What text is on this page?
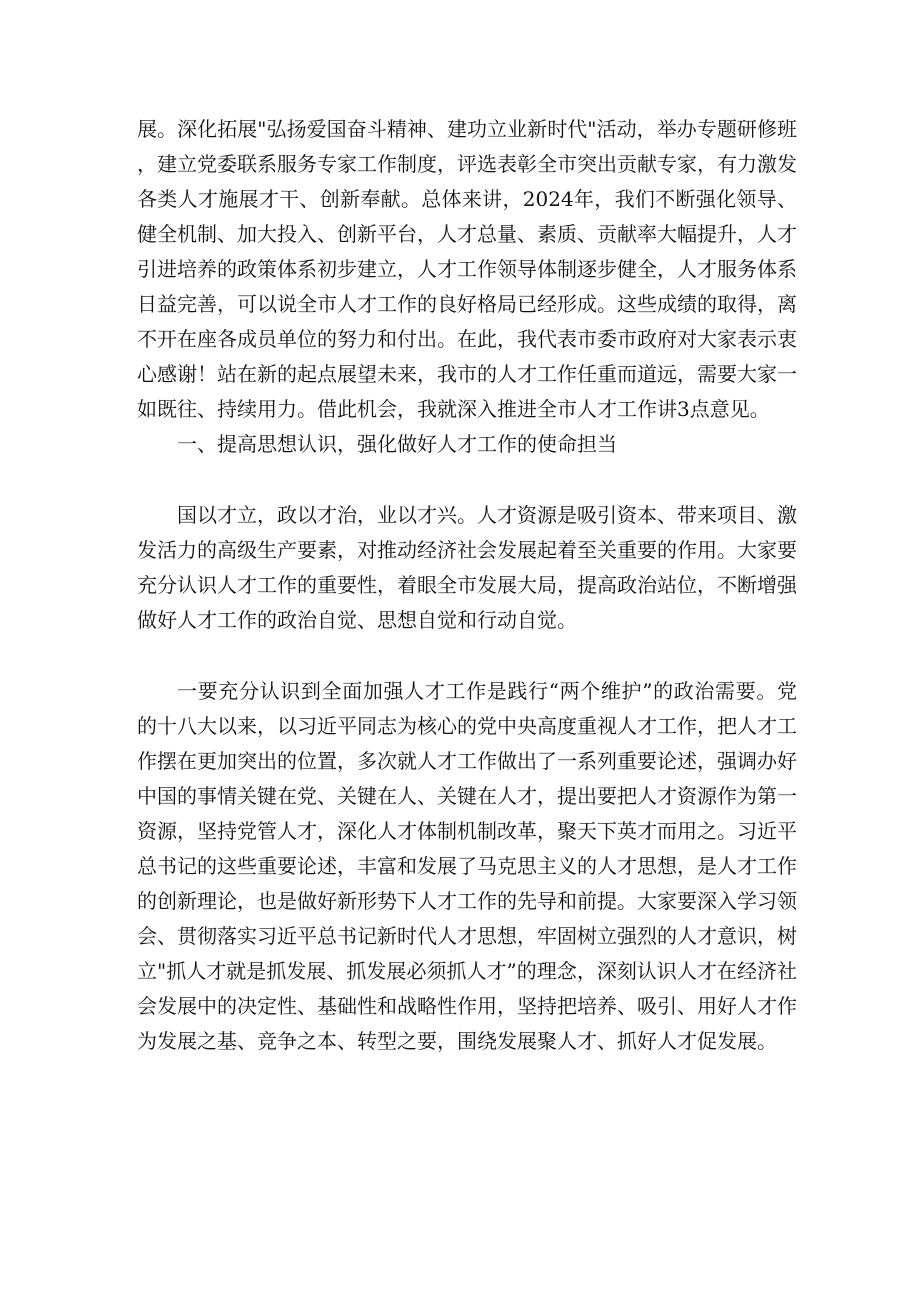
展。深化拓展"弘扬爱国奋斗精神、建功立业新时代"活动，举办专题研修班，建立党委联系服务专家工作制度，评选表彰全市突出贡献专家，有力激发各类人才施展才干、创新奉献。总体来讲，2024年，我们不断强化领导、健全机制、加大投入、创新平台，人才总量、素质、贡献率大幅提升，人才引进培养的政策体系初步建立，人才工作领导体制逐步健全，人才服务体系日益完善，可以说全市人才工作的良好格局已经形成。这些成绩的取得，离不开在座各成员单位的努力和付出。在此，我代表市委市政府对大家表示衷心感谢！站在新的起点展望未来，我市的人才工作任重而道远，需要大家一如既往、持续用力。借此机会，我就深入推进全市人才工作讲3点意见。

一、提高思想认识，强化做好人才工作的使命担当

国以才立，政以才治，业以才兴。人才资源是吸引资本、带来项目、激发活力的高级生产要素，对推动经济社会发展起着至关重要的作用。大家要充分认识人才工作的重要性，着眼全市发展大局，提高政治站位，不断增强做好人才工作的政治自觉、思想自觉和行动自觉。

一要充分认识到全面加强人才工作是践行“两个维护”的政治需要。党的十八大以来，以习近平同志为核心的党中央高度重视人才工作，把人才工作摆在更加突出的位置，多次就人才工作做出了一系列重要论述，强调办好中国的事情关键在党、关键在人、关键在人才，提出要把人才资源作为第一资源，坚持党管人才，深化人才体制机制改革，聚天下英才而用之。习近平总书记的这些重要论述，丰富和发展了马克思主义的人才思想，是人才工作的创新理论，也是做好新形势下人才工作的先导和前提。大家要深入学习领会、贯彻落实习近平总书记新时代人才思想，牢固树立强烈的人才意识，树立"抓人才就是抓发展、抓发展必须抓人才”的理念，深刻认识人才在经济社会发展中的决定性、基础性和战略性作用，坚持把培养、吸引、用好人才作为发展之基、竞争之本、转型之要，围绕发展聚人才、抓好人才促发展。
